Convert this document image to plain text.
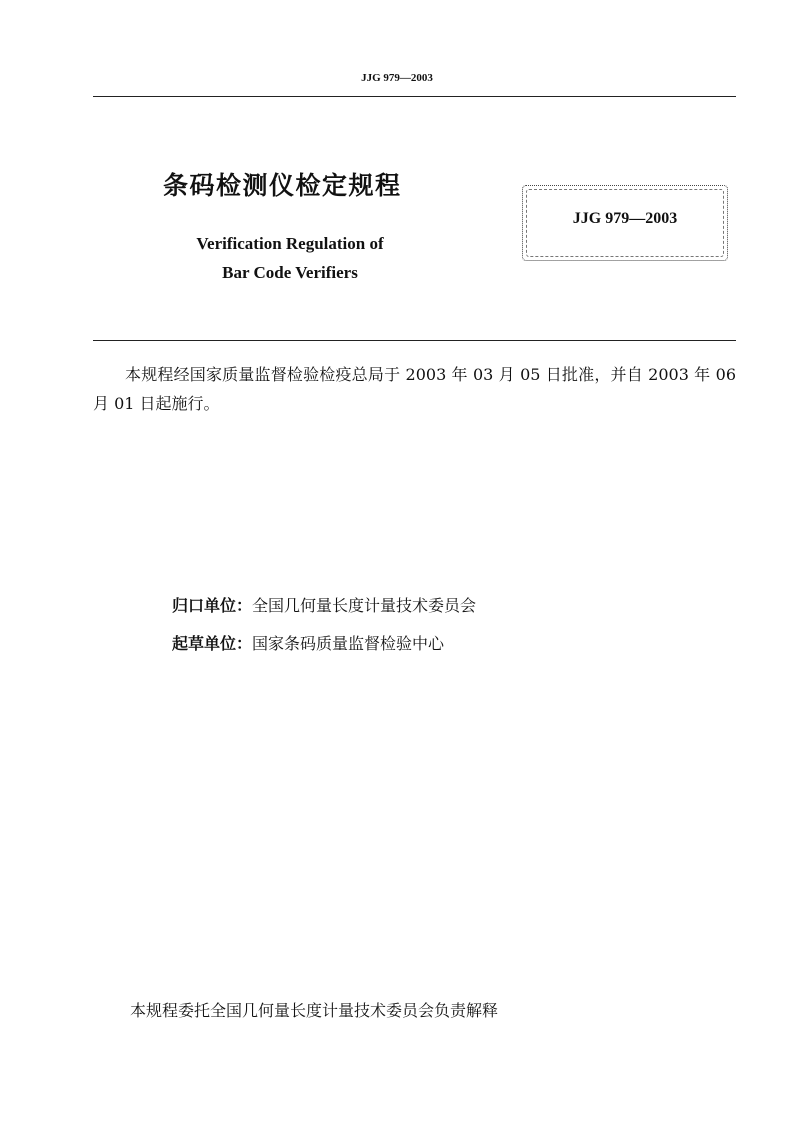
JJG 979—2003
条码检测仪检定规程
Verification Regulation of
Bar Code Verifiers
JJG 979—2003
本规程经国家质量监督检验检疫总局于 2003 年 03 月 05 日批准，并自 2003 年 06 月 01 日起施行。
归口单位：全国几何量长度计量技术委员会
起草单位：国家条码质量监督检验中心
本规程委托全国几何量长度计量技术委员会负责解释
